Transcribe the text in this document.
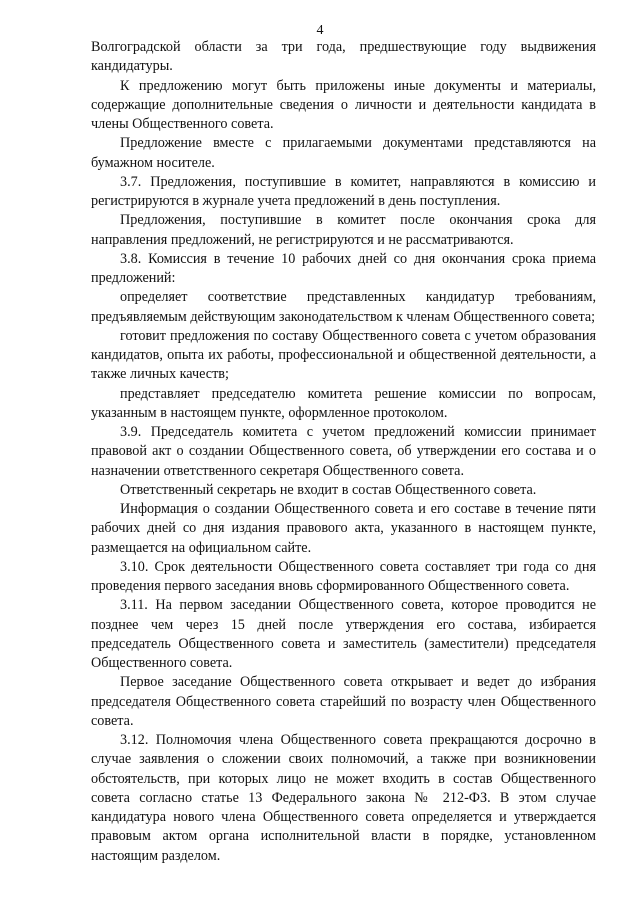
4

Волгоградской области за три года, предшествующие году выдвижения кандидатуры.

К предложению могут быть приложены иные документы и материалы, содержащие дополнительные сведения о личности и деятельности кандидата в члены Общественного совета.

Предложение вместе с прилагаемыми документами представляются на бумажном носителе.

3.7. Предложения, поступившие в комитет, направляются в комиссию и регистрируются в журнале учета предложений в день поступления.

Предложения, поступившие в комитет после окончания срока для направления предложений, не регистрируются и не рассматриваются.

3.8. Комиссия в течение 10 рабочих дней со дня окончания срока приема предложений:

определяет соответствие представленных кандидатур требованиям, предъявляемым действующим законодательством к членам Общественного совета;

готовит предложения по составу Общественного совета с учетом образования кандидатов, опыта их работы, профессиональной и общественной деятельности, а также личных качеств;

представляет председателю комитета решение комиссии по вопросам, указанным в настоящем пункте, оформленное протоколом.

3.9. Председатель комитета с учетом предложений комиссии принимает правовой акт о создании Общественного совета, об утверждении его состава и о назначении ответственного секретаря Общественного совета.

Ответственный секретарь не входит в состав Общественного совета.

Информация о создании Общественного совета и его составе в течение пяти рабочих дней со дня издания правового акта, указанного в настоящем пункте, размещается на официальном сайте.

3.10. Срок деятельности Общественного совета составляет три года со дня проведения первого заседания вновь сформированного Общественного совета.

3.11. На первом заседании Общественного совета, которое проводится не позднее чем через 15 дней после утверждения его состава, избирается председатель Общественного совета и заместитель (заместители) председателя Общественного совета.

Первое заседание Общественного совета открывает и ведет до избрания председателя Общественного совета старейший по возрасту член Общественного совета.

3.12. Полномочия члена Общественного совета прекращаются досрочно в случае заявления о сложении своих полномочий, а также при возникновении обстоятельств, при которых лицо не может входить в состав Общественного совета согласно статье 13 Федерального закона № 212-ФЗ. В этом случае кандидатура нового члена Общественного совета определяется и утверждается правовым актом органа исполнительной власти в порядке, установленном настоящим разделом.
